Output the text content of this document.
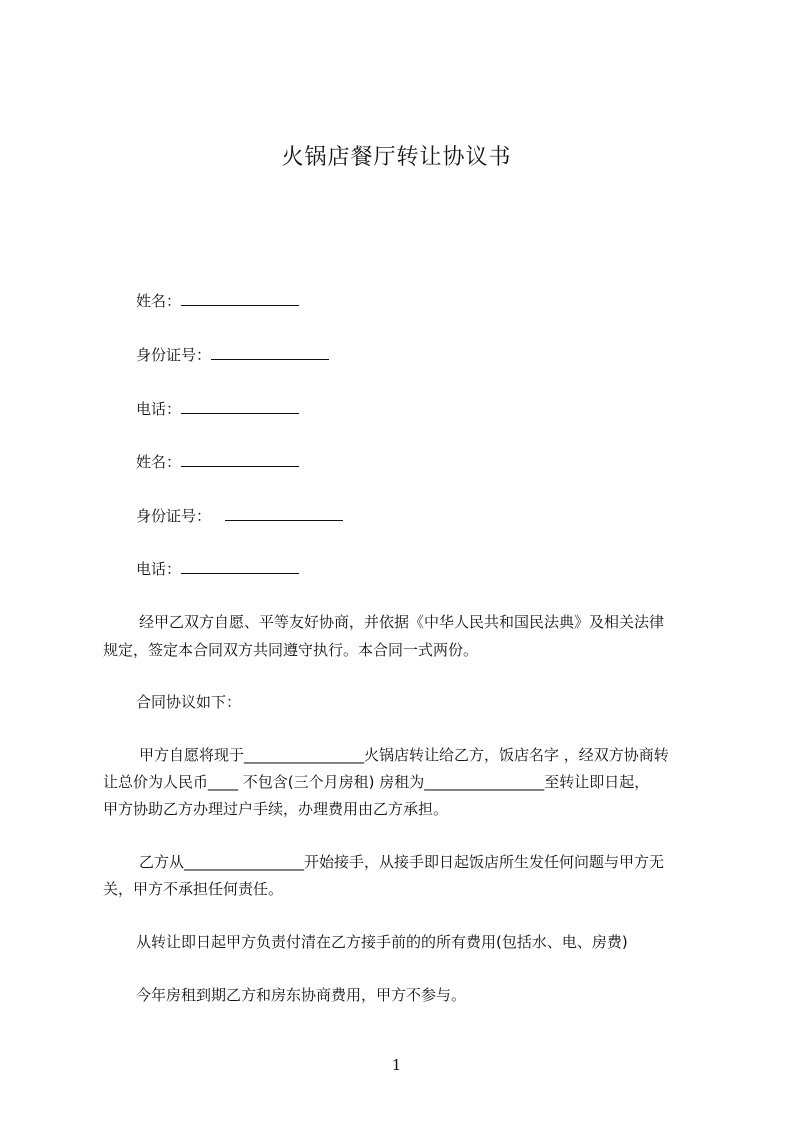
火锅店餐厅转让协议书
姓名：
身份证号：
电话：
姓名：
身份证号：
电话：
经甲乙双方自愿、平等友好协商，并依据《中华人民共和国民法典》及相关法律
规定，签定本合同双方共同遵守执行。本合同一式两份。
合同协议如下：
甲方自愿将现于________________火锅店转让给乙方，饭店名字 ，经双方协商转
让总价为人民币____ 不包含(三个月房租) 房租为________________至转让即日起，
甲方协助乙方办理过户手续，办理费用由乙方承担。
乙方从________________开始接手，从接手即日起饭店所生发任何问题与甲方无
关，甲方不承担任何责任。
从转让即日起甲方负责付清在乙方接手前的的所有费用(包括水、电、房费)
今年房租到期乙方和房东协商费用，甲方不参与。
1
